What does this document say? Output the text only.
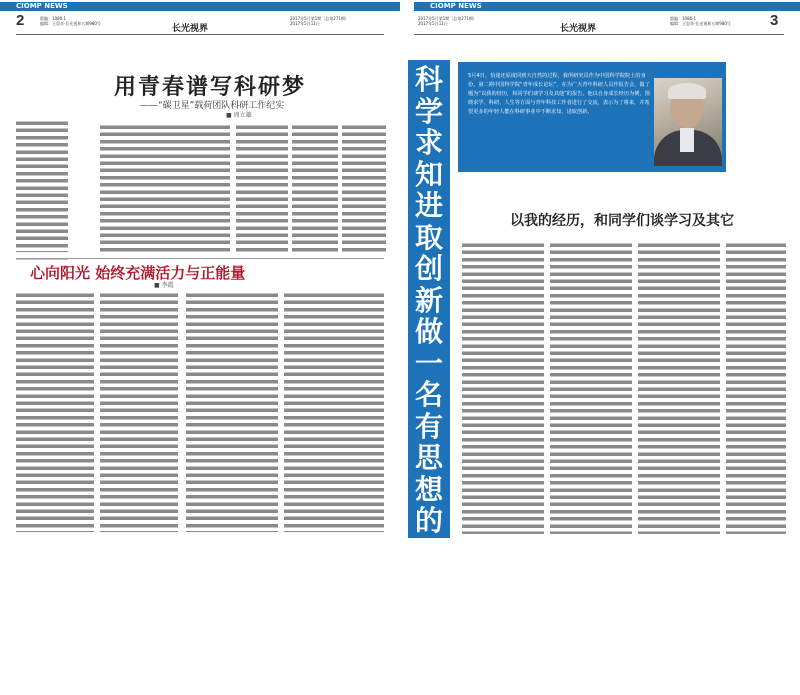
CIOMP NEWS
2	版编：1080·1
编辑：王思奇·长光视界五期980号
长光视界
2017年5月第1期（总第271期）
2017年5月11日
用青春谱写科研梦
——“碳卫星”载荷团队科研工作纪实
■ 周立雄
心向阳光 始终充满活力与正能量
■ 李霞
CIOMP NEWS
2017年5月第1期（总第271期）
2017年5月11日
长光视界
版编：1080·1
编辑：王思奇·长光视界五期980号	3
科学求知进取创新做一名有思想的科研工作者
5月4日，恰逢还原度回到大自然的过程，我所研究员作为中国科学院院士的身份，第二期中国科学院“青年成长论坛”，在为广大青年科研人员作报告会，做了题为“以我的经历，和同学们谈学习及其他”的报告。他以自身成长经历为例，围绕求学、科研、人生等方面与青年科技工作者进行了交流，表示为了将来，并希望更多的年轻人能在科研事业中不断求知，进取创新。
以我的经历，和同学们谈学习及其它
